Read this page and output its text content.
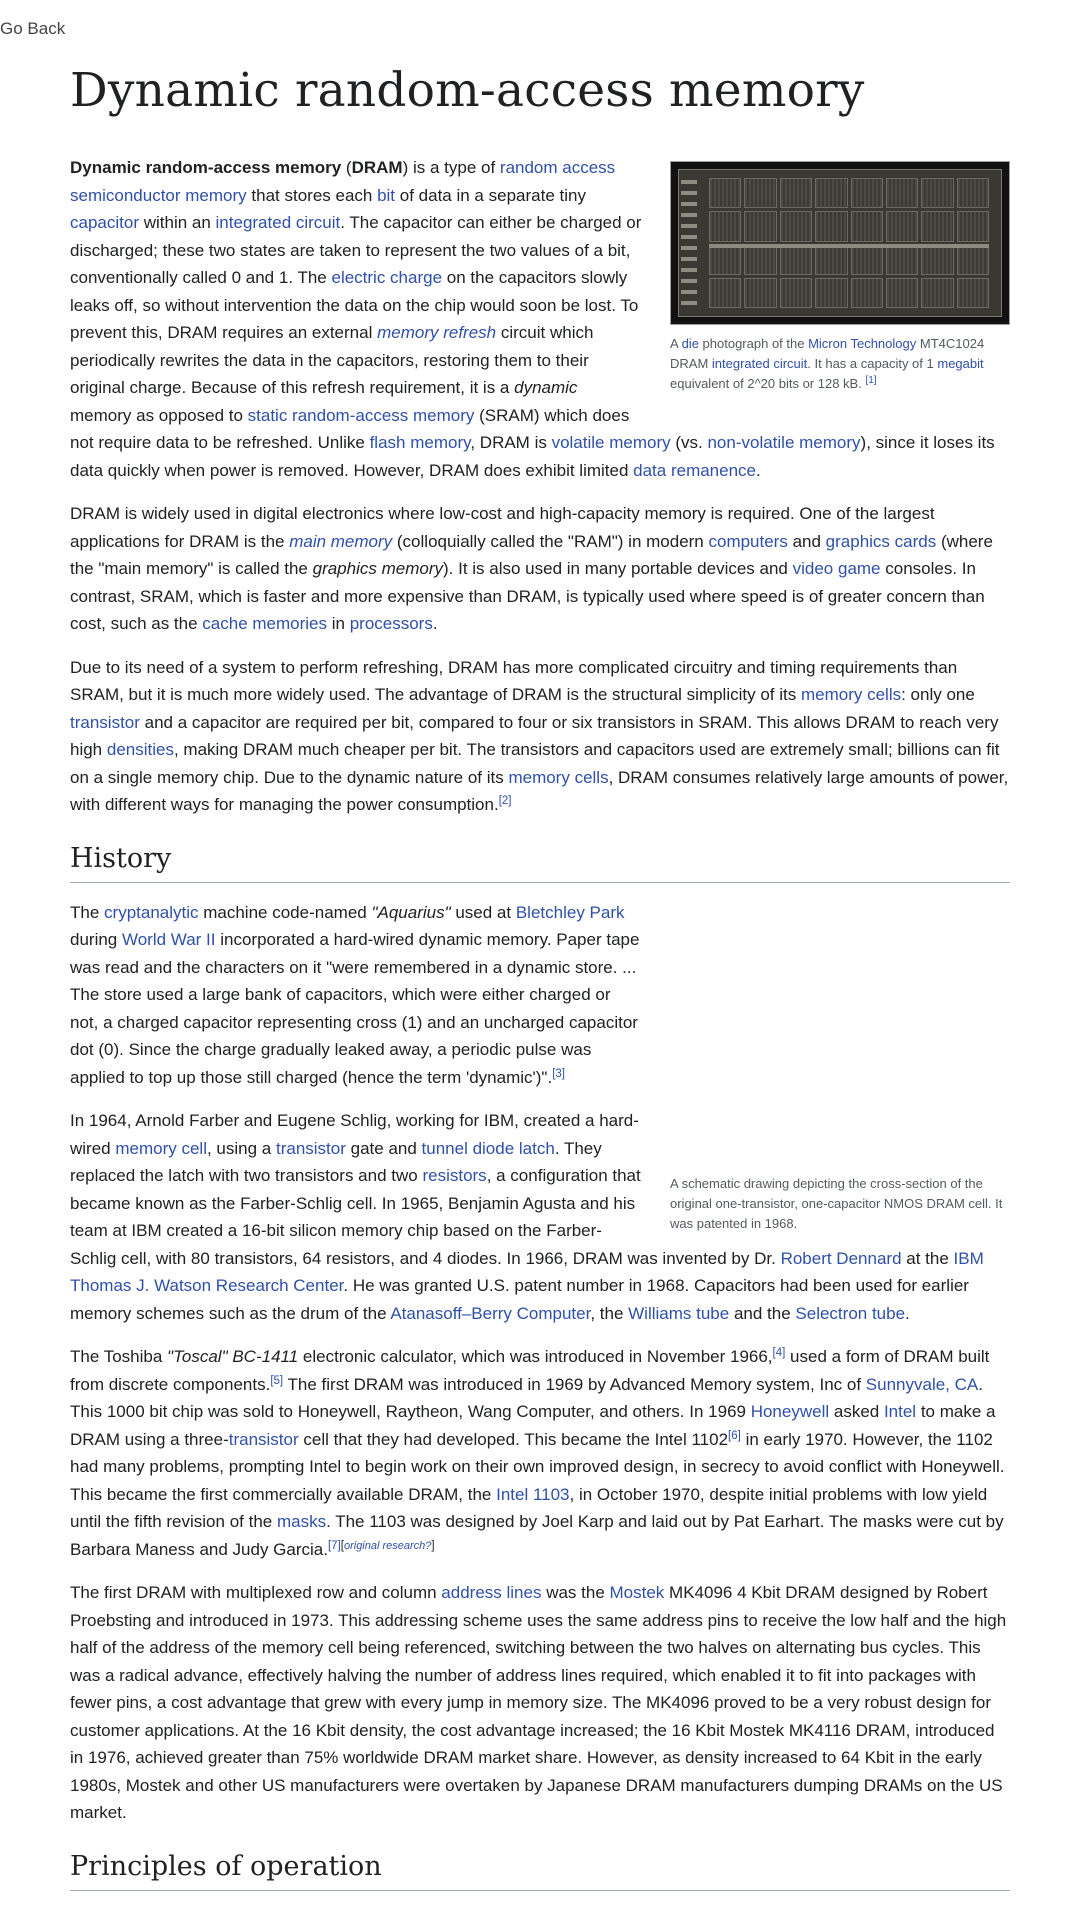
Go Back
Dynamic random-access memory
A die photograph of the Micron Technology MT4C1024 DRAM integrated circuit. It has a capacity of 1 megabit equivalent of 2^20 bits or 128 kB. [1]

Dynamic random-access memory (DRAM) is a type of random access semiconductor memory that stores each bit of data in a separate tiny capacitor within an integrated circuit. The capacitor can either be charged or discharged; these two states are taken to represent the two values of a bit, conventionally called 0 and 1. The electric charge on the capacitors slowly leaks off, so without intervention the data on the chip would soon be lost. To prevent this, DRAM requires an external memory refresh circuit which periodically rewrites the data in the capacitors, restoring them to their original charge. Because of this refresh requirement, it is a dynamic memory as opposed to static random-access memory (SRAM) which does not require data to be refreshed. Unlike flash memory, DRAM is volatile memory (vs. non-volatile memory), since it loses its data quickly when power is removed. However, DRAM does exhibit limited data remanence.

DRAM is widely used in digital electronics where low-cost and high-capacity memory is required. One of the largest applications for DRAM is the main memory (colloquially called the "RAM") in modern computers and graphics cards (where the "main memory" is called the graphics memory). It is also used in many portable devices and video game consoles. In contrast, SRAM, which is faster and more expensive than DRAM, is typically used where speed is of greater concern than cost, such as the cache memories in processors.

Due to its need of a system to perform refreshing, DRAM has more complicated circuitry and timing requirements than SRAM, but it is much more widely used. The advantage of DRAM is the structural simplicity of its memory cells: only one transistor and a capacitor are required per bit, compared to four or six transistors in SRAM. This allows DRAM to reach very high densities, making DRAM much cheaper per bit. The transistors and capacitors used are extremely small; billions can fit on a single memory chip. Due to the dynamic nature of its memory cells, DRAM consumes relatively large amounts of power, with different ways for managing the power consumption.[2]

History
A schematic drawing depicting the cross-section of the original one-transistor, one-capacitor NMOS DRAM cell. It was patented in 1968.

The cryptanalytic machine code-named "Aquarius" used at Bletchley Park during World War II incorporated a hard-wired dynamic memory. Paper tape was read and the characters on it "were remembered in a dynamic store. ... The store used a large bank of capacitors, which were either charged or not, a charged capacitor representing cross (1) and an uncharged capacitor dot (0). Since the charge gradually leaked away, a periodic pulse was applied to top up those still charged (hence the term 'dynamic')".[3]

In 1964, Arnold Farber and Eugene Schlig, working for IBM, created a hard-wired memory cell, using a transistor gate and tunnel diode latch. They replaced the latch with two transistors and two resistors, a configuration that became known as the Farber-Schlig cell. In 1965, Benjamin Agusta and his team at IBM created a 16-bit silicon memory chip based on the Farber-Schlig cell, with 80 transistors, 64 resistors, and 4 diodes. In 1966, DRAM was invented by Dr. Robert Dennard at the IBM Thomas J. Watson Research Center. He was granted U.S. patent number in 1968. Capacitors had been used for earlier memory schemes such as the drum of the Atanasoff–Berry Computer, the Williams tube and the Selectron tube.

The Toshiba "Toscal" BC-1411 electronic calculator, which was introduced in November 1966,[4] used a form of DRAM built from discrete components.[5] The first DRAM was introduced in 1969 by Advanced Memory system, Inc of Sunnyvale, CA. This 1000 bit chip was sold to Honeywell, Raytheon, Wang Computer, and others. In 1969 Honeywell asked Intel to make a DRAM using a three-transistor cell that they had developed. This became the Intel 1102[6] in early 1970. However, the 1102 had many problems, prompting Intel to begin work on their own improved design, in secrecy to avoid conflict with Honeywell. This became the first commercially available DRAM, the Intel 1103, in October 1970, despite initial problems with low yield until the fifth revision of the masks. The 1103 was designed by Joel Karp and laid out by Pat Earhart. The masks were cut by Barbara Maness and Judy Garcia.[7][original research?]

The first DRAM with multiplexed row and column address lines was the Mostek MK4096 4 Kbit DRAM designed by Robert Proebsting and introduced in 1973. This addressing scheme uses the same address pins to receive the low half and the high half of the address of the memory cell being referenced, switching between the two halves on alternating bus cycles. This was a radical advance, effectively halving the number of address lines required, which enabled it to fit into packages with fewer pins, a cost advantage that grew with every jump in memory size. The MK4096 proved to be a very robust design for customer applications. At the 16 Kbit density, the cost advantage increased; the 16 Kbit Mostek MK4116 DRAM, introduced in 1976, achieved greater than 75% worldwide DRAM market share. However, as density increased to 64 Kbit in the early 1980s, Mostek and other US manufacturers were overtaken by Japanese DRAM manufacturers dumping DRAMs on the US market.

Principles of operation
